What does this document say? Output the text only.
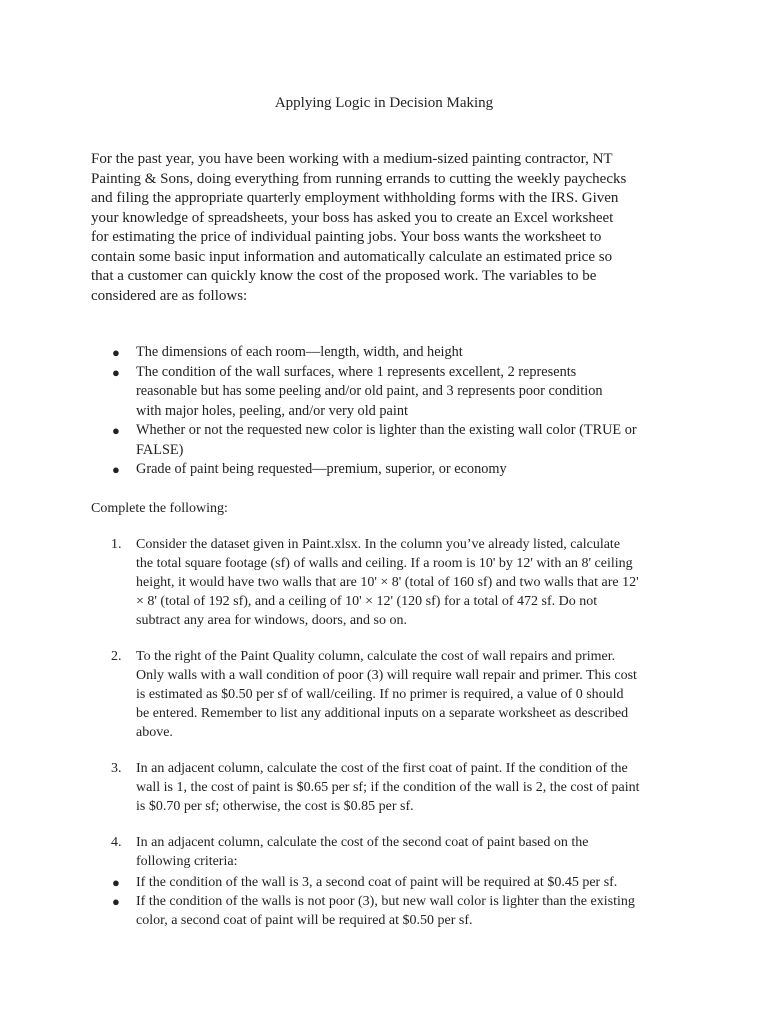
Applying Logic in Decision Making
For the past year, you have been working with a medium-sized painting contractor, NT
Painting & Sons, doing everything from running errands to cutting the weekly paychecks
and filing the appropriate quarterly employment withholding forms with the IRS. Given
your knowledge of spreadsheets, your boss has asked you to create an Excel worksheet
for estimating the price of individual painting jobs. Your boss wants the worksheet to
contain some basic input information and automatically calculate an estimated price so
that a customer can quickly know the cost of the proposed work. The variables to be
considered are as follows:
● The dimensions of each room—length, width, and height
● The condition of the wall surfaces, where 1 represents excellent, 2 represents
reasonable but has some peeling and/or old paint, and 3 represents poor condition
with major holes, peeling, and/or very old paint
● Whether or not the requested new color is lighter than the existing wall color (TRUE or
FALSE)
● Grade of paint being requested—premium, superior, or economy
Complete the following:
1. Consider the dataset given in Paint.xlsx. In the column you’ve already listed, calculate
the total square footage (sf) of walls and ceiling. If a room is 10' by 12' with an 8' ceiling
height, it would have two walls that are 10' × 8' (total of 160 sf) and two walls that are 12'
× 8' (total of 192 sf), and a ceiling of 10' × 12' (120 sf) for a total of 472 sf. Do not
subtract any area for windows, doors, and so on.
2. To the right of the Paint Quality column, calculate the cost of wall repairs and primer.
Only walls with a wall condition of poor (3) will require wall repair and primer. This cost
is estimated as $0.50 per sf of wall/ceiling. If no primer is required, a value of 0 should
be entered. Remember to list any additional inputs on a separate worksheet as described
above.
3. In an adjacent column, calculate the cost of the first coat of paint. If the condition of the
wall is 1, the cost of paint is $0.65 per sf; if the condition of the wall is 2, the cost of paint
is $0.70 per sf; otherwise, the cost is $0.85 per sf.
4. In an adjacent column, calculate the cost of the second coat of paint based on the
following criteria:
● If the condition of the wall is 3, a second coat of paint will be required at $0.45 per sf.
● If the condition of the walls is not poor (3), but new wall color is lighter than the existing
color, a second coat of paint will be required at $0.50 per sf.
